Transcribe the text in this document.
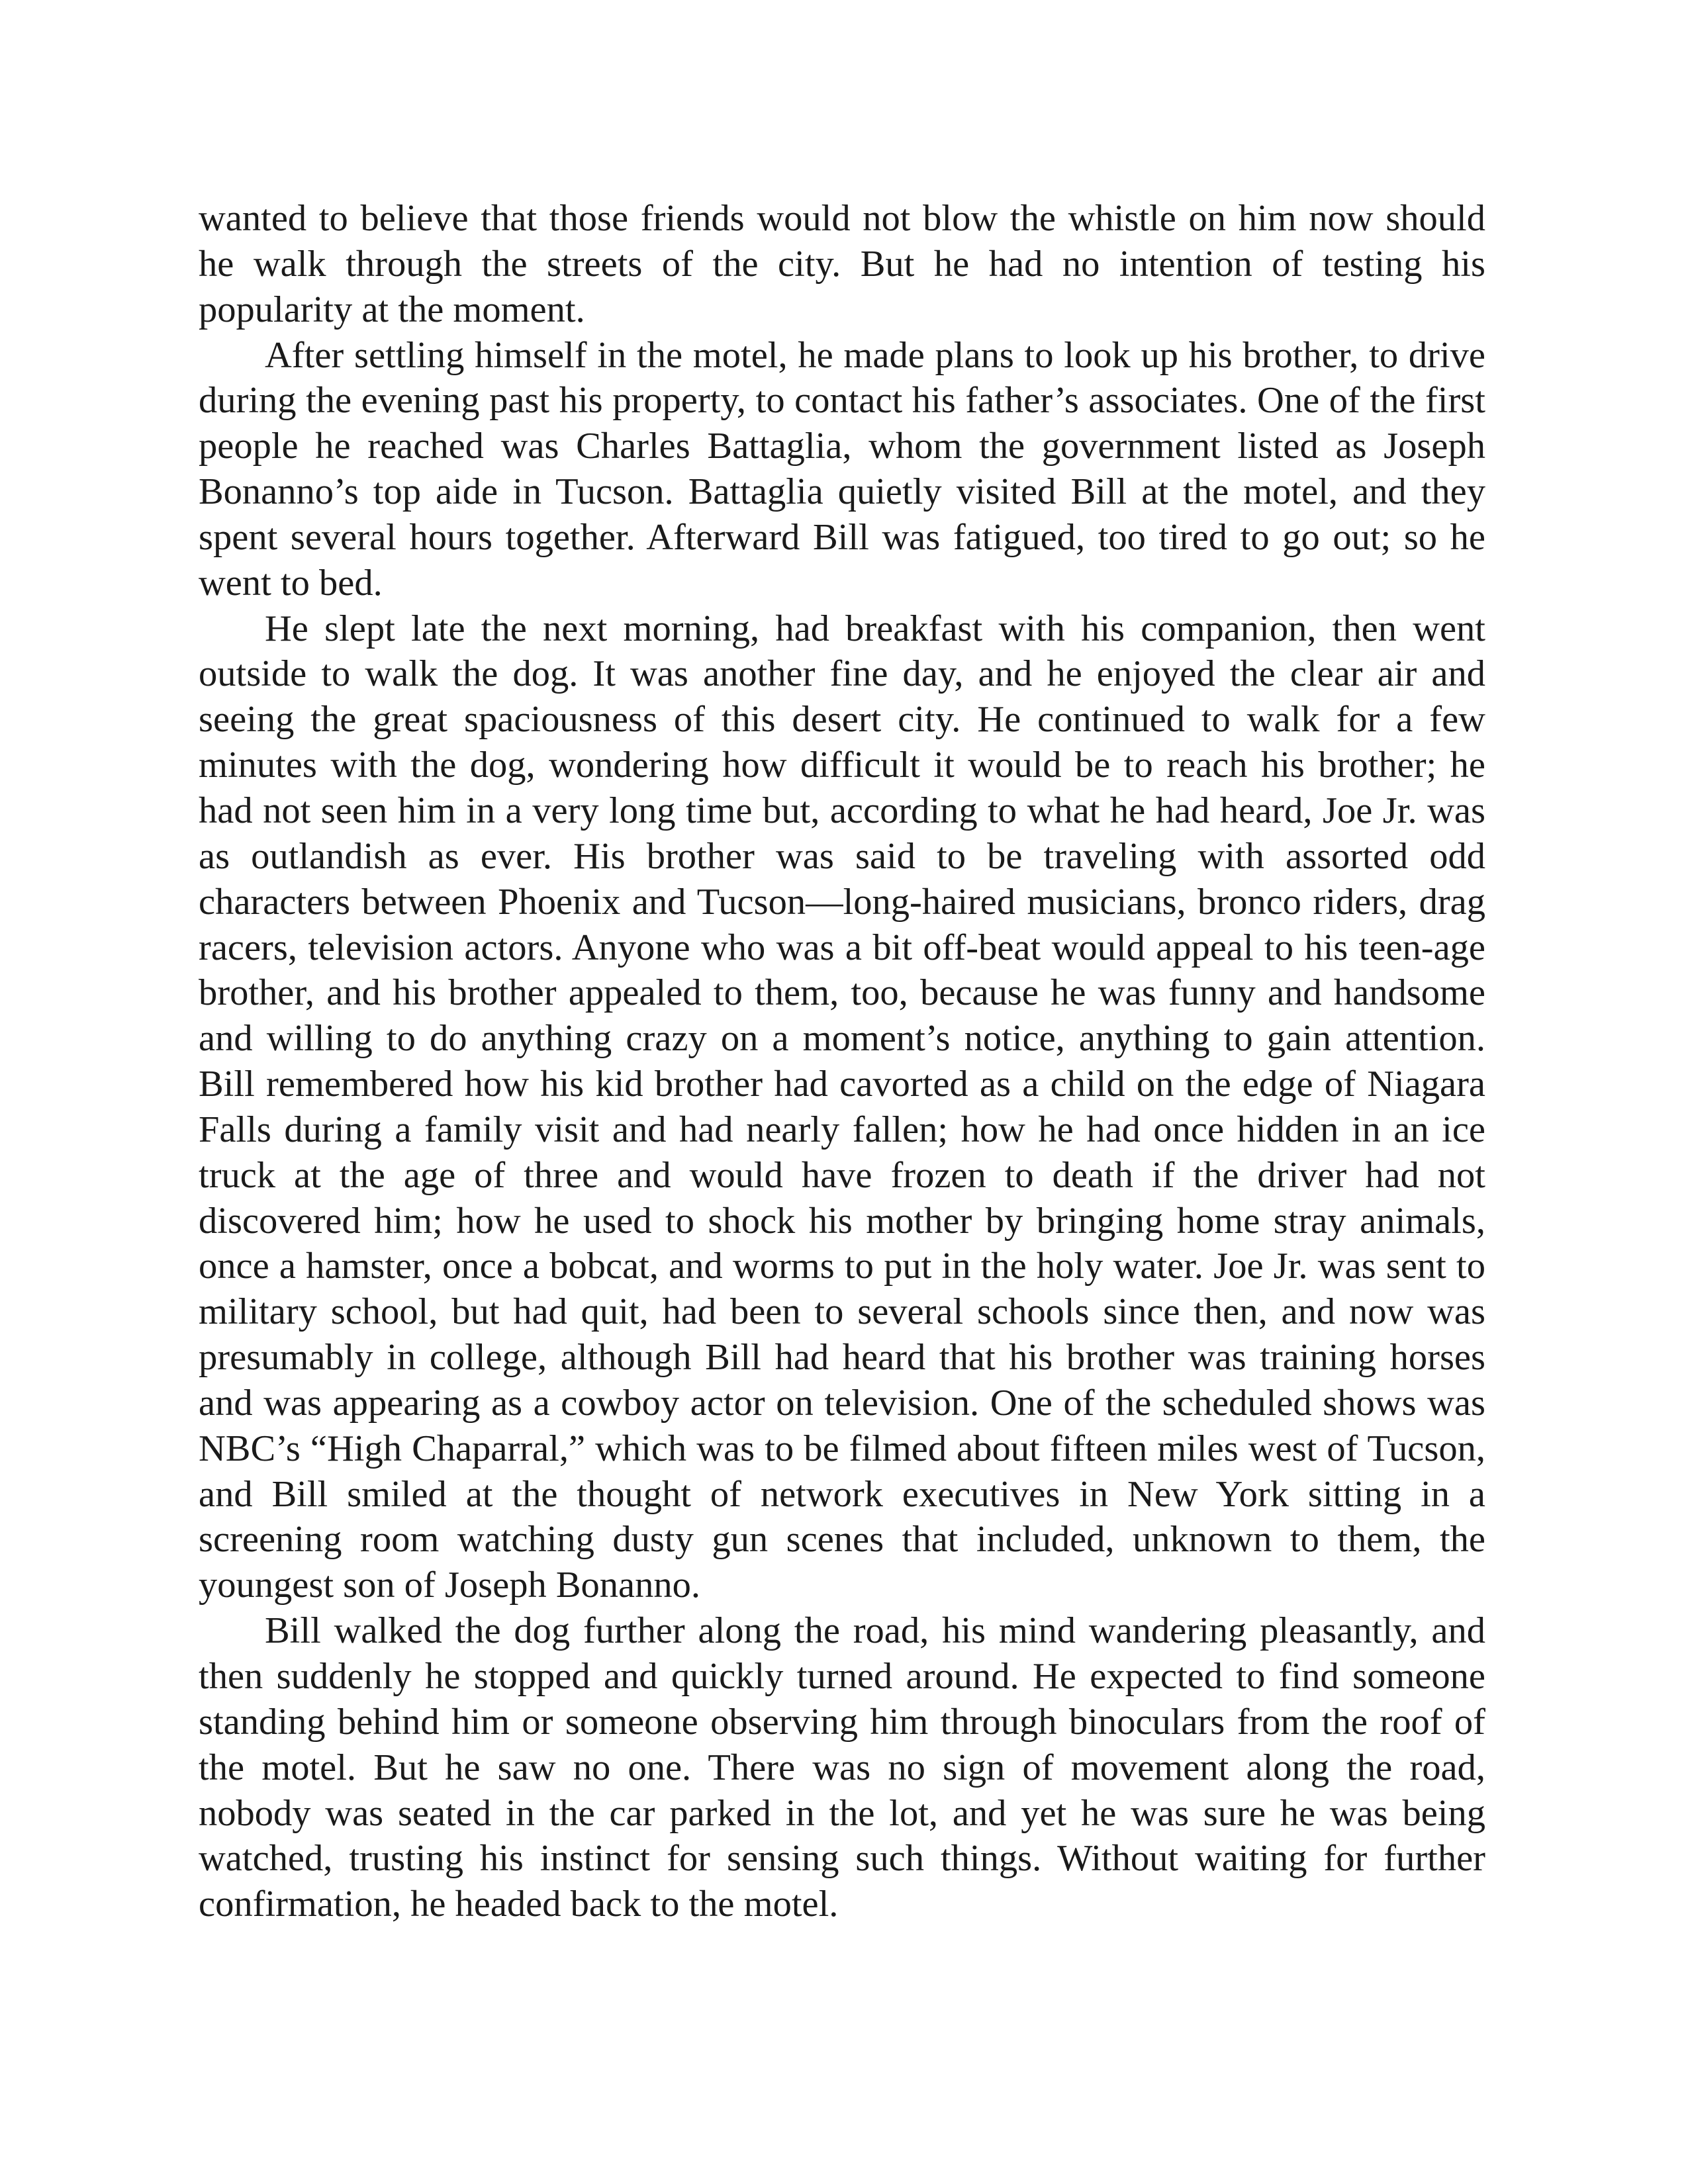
wanted to believe that those friends would not blow the whistle on him now should he walk through the streets of the city. But he had no intention of testing his popularity at the moment.

After settling himself in the motel, he made plans to look up his brother, to drive during the evening past his property, to contact his father’s associates. One of the first people he reached was Charles Battaglia, whom the government listed as Joseph Bonanno’s top aide in Tucson. Battaglia quietly visited Bill at the motel, and they spent several hours together. Afterward Bill was fatigued, too tired to go out; so he went to bed.

He slept late the next morning, had breakfast with his companion, then went outside to walk the dog. It was another fine day, and he enjoyed the clear air and seeing the great spaciousness of this desert city. He continued to walk for a few minutes with the dog, wondering how difficult it would be to reach his brother; he had not seen him in a very long time but, according to what he had heard, Joe Jr. was as outlandish as ever. His brother was said to be traveling with assorted odd characters between Phoenix and Tucson—long-haired musicians, bronco riders, drag racers, television actors. Anyone who was a bit off-beat would appeal to his teen-age brother, and his brother appealed to them, too, because he was funny and handsome and willing to do anything crazy on a moment’s notice, anything to gain attention. Bill remembered how his kid brother had cavorted as a child on the edge of Niagara Falls during a family visit and had nearly fallen; how he had once hidden in an ice truck at the age of three and would have frozen to death if the driver had not discovered him; how he used to shock his mother by bringing home stray animals, once a hamster, once a bobcat, and worms to put in the holy water. Joe Jr. was sent to military school, but had quit, had been to several schools since then, and now was presumably in college, although Bill had heard that his brother was training horses and was appearing as a cowboy actor on television. One of the scheduled shows was NBC’s “High Chaparral,” which was to be filmed about fifteen miles west of Tucson, and Bill smiled at the thought of network executives in New York sitting in a screening room watching dusty gun scenes that included, unknown to them, the youngest son of Joseph Bonanno.

Bill walked the dog further along the road, his mind wandering pleasantly, and then suddenly he stopped and quickly turned around. He expected to find someone standing behind him or someone observing him through binoculars from the roof of the motel. But he saw no one. There was no sign of movement along the road, nobody was seated in the car parked in the lot, and yet he was sure he was being watched, trusting his instinct for sensing such things. Without waiting for further confirmation, he headed back to the motel.
